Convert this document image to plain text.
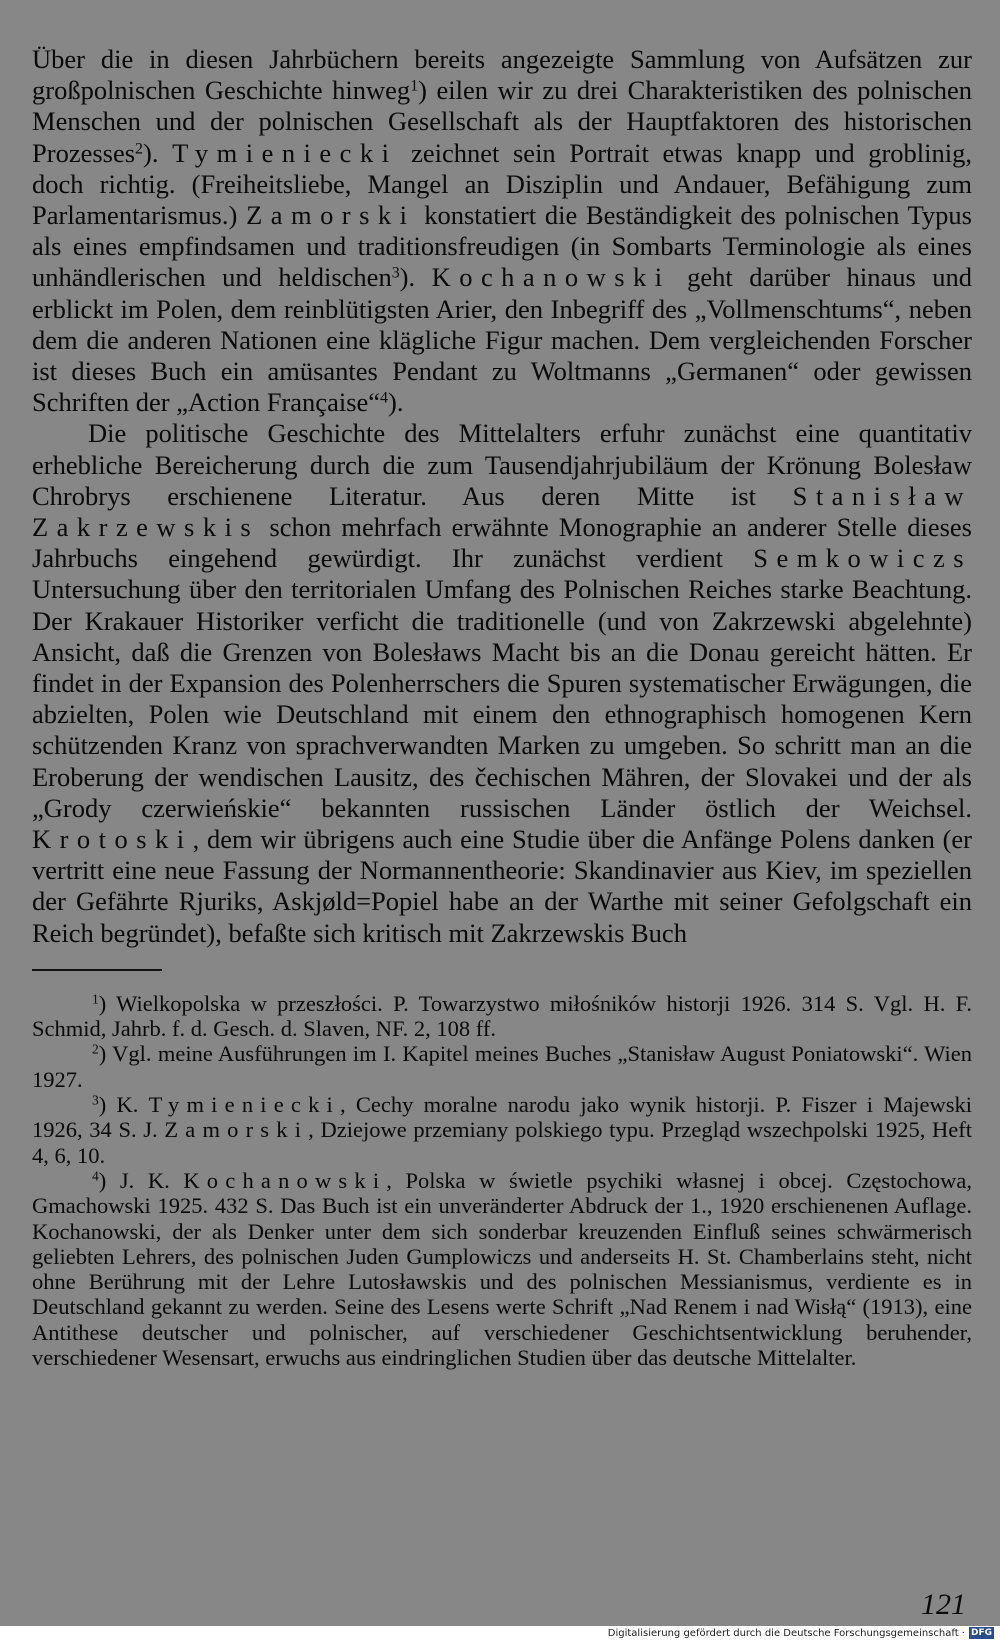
Über die in diesen Jahrbüchern bereits angezeigte Sammlung von Aufsätzen zur großpolnischen Geschichte hinweg$^1$) eilen wir zu drei Charakteristiken des polnischen Menschen und der polnischen Gesellschaft als der Hauptfaktoren des historischen Prozesses$^2$). Tymieniecki zeichnet sein Portrait etwas knapp und groblinig, doch richtig. (Freiheitsliebe, Mangel an Disziplin und Andauer, Befähigung zum Parlamentarismus.) Zamorski konstatiert die Beständigkeit des polnischen Typus als eines empfindsamen und traditionsfreudigen (in Sombarts Terminologie als eines unhändlerischen und heldischen$^3$). Kochanowski geht darüber hinaus und erblickt im Polen, dem reinblütigsten Arier, den Inbegriff des „Vollmenschtums“, neben dem die anderen Nationen eine klägliche Figur machen. Dem vergleichenden Forscher ist dieses Buch ein amüsantes Pendant zu Woltmanns „Germanen“ oder gewissen Schriften der „Action Française“$^4$).

Die politische Geschichte des Mittelalters erfuhr zunächst eine quantitativ erhebliche Bereicherung durch die zum Tausendjahrjubiläum der Krönung Bolesław Chrobrys erschienene Literatur. Aus deren Mitte ist Stanisław Zakrzewskis schon mehrfach erwähnte Monographie an anderer Stelle dieses Jahrbuchs eingehend gewürdigt. Ihr zunächst verdient Semkowiczs Untersuchung über den territorialen Umfang des Polnischen Reiches starke Beachtung. Der Krakauer Historiker verficht die traditionelle (und von Zakrzewski abgelehnte) Ansicht, daß die Grenzen von Bolesławs Macht bis an die Donau gereicht hätten. Er findet in der Expansion des Polenherrschers die Spuren systematischer Erwägungen, die abzielten, Polen wie Deutschland mit einem den ethnographisch homogenen Kern schützenden Kranz von sprachverwandten Marken zu umgeben. So schritt man an die Eroberung der wendischen Lausitz, des čechischen Mähren, der Slovakei und der als „Grody czerwieńskie“ bekannten russischen Länder östlich der Weichsel. Krotoski, dem wir übrigens auch eine Studie über die Anfänge Polens danken (er vertritt eine neue Fassung der Normannentheorie: Skandinavier aus Kiev, im speziellen der Gefährte Rjuriks, Askjøld=Popiel habe an der Warthe mit seiner Gefolgschaft ein Reich begründet), befaßte sich kritisch mit Zakrzewskis Buch

$^1$) Wielkopolska w przeszłości. P. Towarzystwo miłośników historji 1926. 314 S. Vgl. H. F. Schmid, Jahrb. f. d. Gesch. d. Slaven, NF. 2, 108 ff.

$^2$) Vgl. meine Ausführungen im I. Kapitel meines Buches „Stanisław August Poniatowski“. Wien 1927.

$^3$) K. Tymieniecki, Cechy moralne narodu jako wynik historji. P. Fiszer i Majewski 1926, 34 S. J. Zamorski, Dziejowe przemiany polskiego typu. Przegląd wszechpolski 1925, Heft 4, 6, 10.

$^4$) J. K. Kochanowski, Polska w świetle psychiki własnej i obcej. Częstochowa, Gmachowski 1925. 432 S. Das Buch ist ein unveränderter Abdruck der 1., 1920 erschienenen Auflage. Kochanowski, der als Denker unter dem sich sonderbar kreuzenden Einfluß seines schwärmerisch geliebten Lehrers, des polnischen Juden Gumplowiczs und anderseits H. St. Chamberlains steht, nicht ohne Berührung mit der Lehre Lutosławskis und des polnischen Messianismus, verdiente es in Deutschland gekannt zu werden. Seine des Lesens werte Schrift „Nad Renem i nad Wisłą“ (1913), eine Antithese deutscher und polnischer, auf verschiedener Geschichtsentwicklung beruhender, verschiedener Wesensart, erwuchs aus eindringlichen Studien über das deutsche Mittelalter.

121
Digitalisierung gefördert durch die Deutsche Forschungsgemeinschaft · DFG
